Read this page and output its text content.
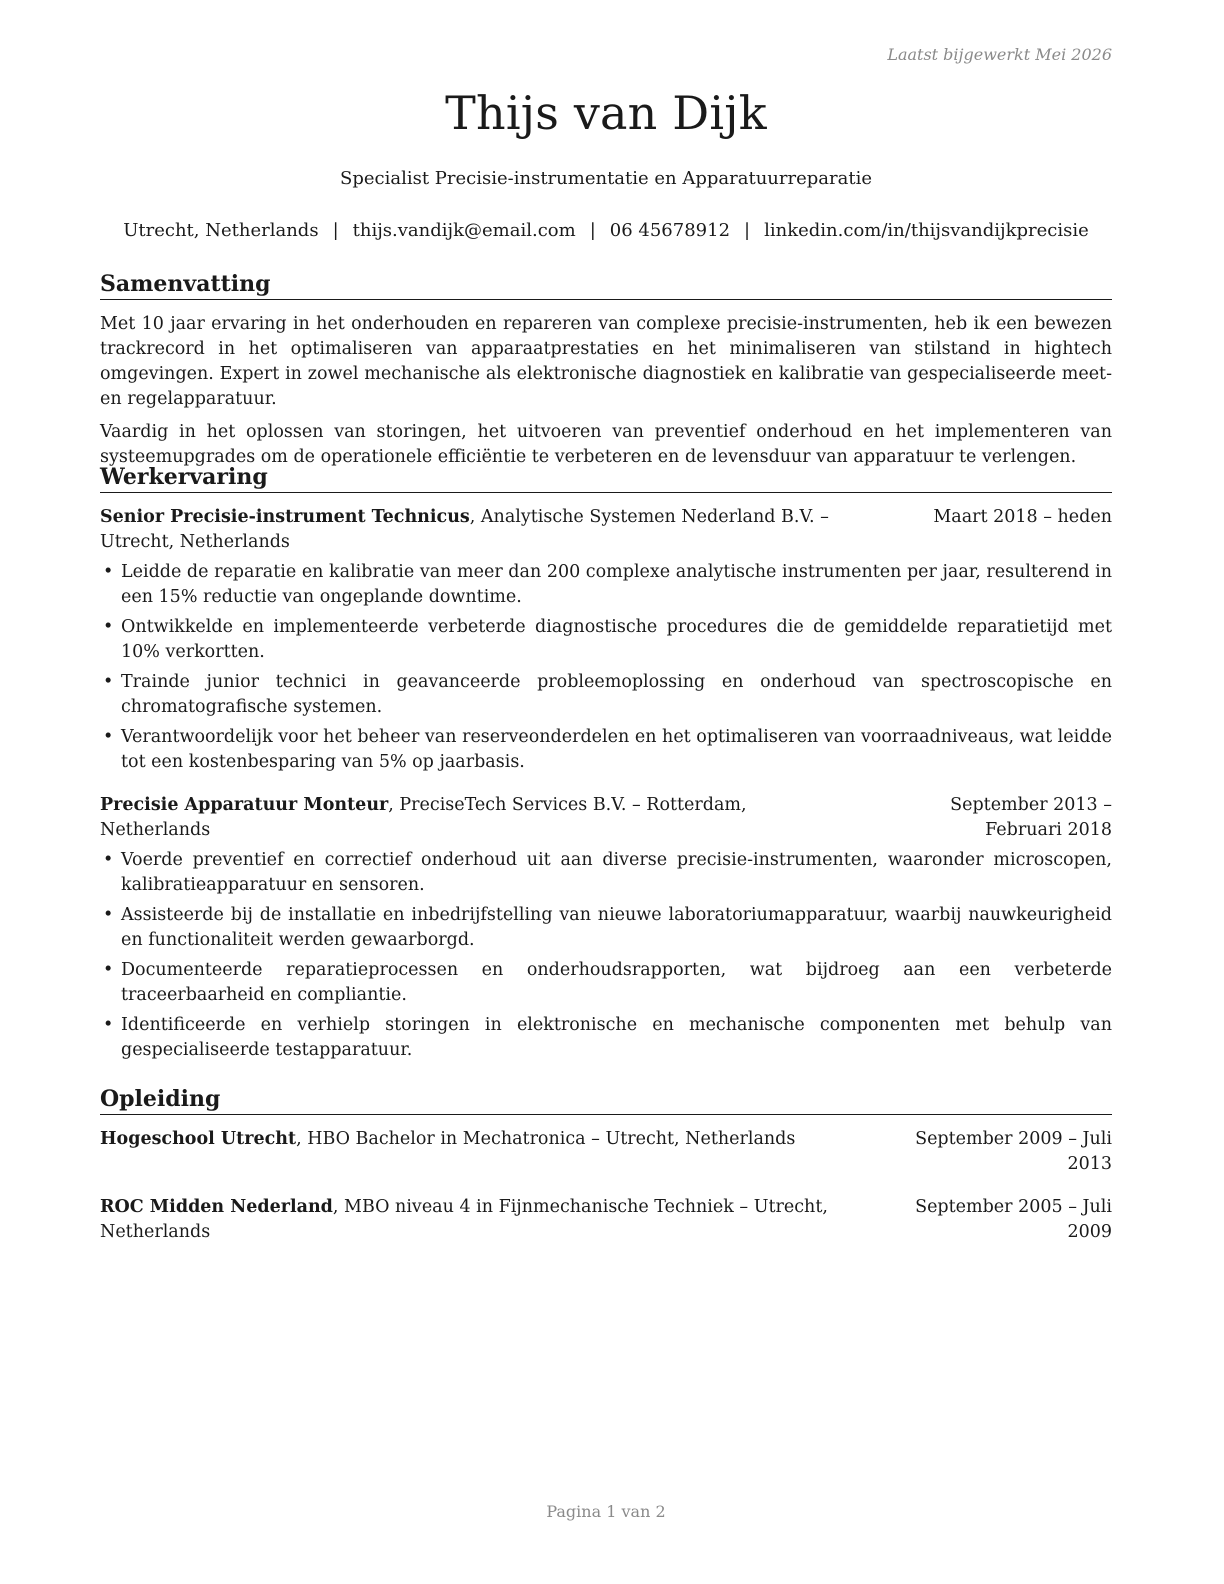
Laatst bijgewerkt Mei 2026
Thijs van Dijk
Specialist Precisie-instrumentatie en Apparatuurreparatie
Utrecht, Netherlands | thijs.vandijk@email.com | 06 45678912 | linkedin.com/in/thijsvandijkprecisie
Samenvatting

Met 10 jaar ervaring in het onderhouden en repareren van complexe precisie-instrumenten, heb ik een bewezen trackrecord in het optimaliseren van apparaatprestaties en het minimaliseren van stilstand in hightech omgevingen. Expert in zowel mechanische als elektronische diagnostiek en kalibratie van gespecialiseerde meet- en regelapparatuur.

Vaardig in het oplossen van storingen, het uitvoeren van preventief onderhoud en het implementeren van systeemupgrades om de operationele efficiëntie te verbeteren en de levensduur van apparatuur te verlengen.

Werkervaring
Senior Precisie-instrument Technicus, Analytische Systemen Nederland B.V. – Utrecht, Netherlands
Maart 2018 – heden
• Leidde de reparatie en kalibratie van meer dan 200 complexe analytische instrumenten per jaar, resulterend in een 15% reductie van ongeplande downtime.
• Ontwikkelde en implementeerde verbeterde diagnostische procedures die de gemiddelde reparatietijd met 10% verkortten.
• Trainde junior technici in geavanceerde probleemoplossing en onderhoud van spectroscopische en chromatografische systemen.
• Verantwoordelijk voor het beheer van reserveonderdelen en het optimaliseren van voorraadniveaus, wat leidde tot een kostenbesparing van 5% op jaarbasis.
Precisie Apparatuur Monteur, PreciseTech Services B.V. – Rotterdam, Netherlands
September 2013 – Februari 2018
• Voerde preventief en correctief onderhoud uit aan diverse precisie-instrumenten, waaronder microscopen, kalibratieapparatuur en sensoren.
• Assisteerde bij de installatie en inbedrijfstelling van nieuwe laboratoriumapparatuur, waarbij nauwkeurigheid en functionaliteit werden gewaarborgd.
• Documenteerde reparatieprocessen en onderhoudsrapporten, wat bijdroeg aan een verbeterde traceerbaarheid en compliantie.
• Identificeerde en verhielp storingen in elektronische en mechanische componenten met behulp van gespecialiseerde testapparatuur.
Opleiding
Hogeschool Utrecht, HBO Bachelor in Mechatronica – Utrecht, Netherlands	September 2009 – Juli 2013
ROC Midden Nederland, MBO niveau 4 in Fijnmechanische Techniek – Utrecht, Netherlands
September 2005 – Juli 2009
Pagina 1 van 2
